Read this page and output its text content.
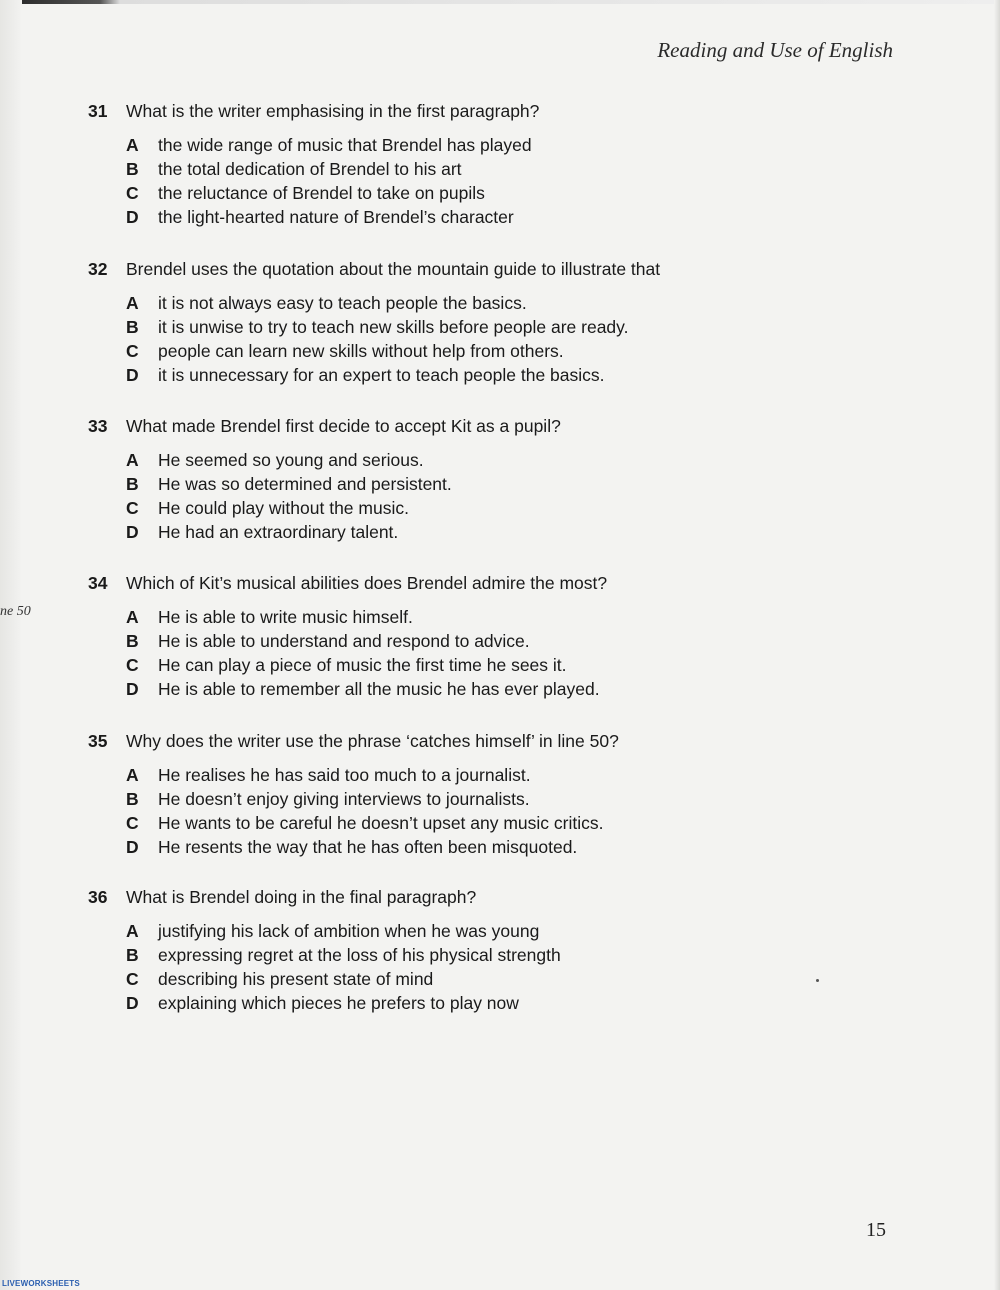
Reading and Use of English
ne 50
31	What is the writer emphasising in the first paragraph?
A	the wide range of music that Brendel has played
B	the total dedication of Brendel to his art
C	the reluctance of Brendel to take on pupils
D	the light-hearted nature of Brendel’s character
32	Brendel uses the quotation about the mountain guide to illustrate that
A	it is not always easy to teach people the basics.
B	it is unwise to try to teach new skills before people are ready.
C	people can learn new skills without help from others.
D	it is unnecessary for an expert to teach people the basics.
33	What made Brendel first decide to accept Kit as a pupil?
A	He seemed so young and serious.
B	He was so determined and persistent.
C	He could play without the music.
D	He had an extraordinary talent.
34	Which of Kit’s musical abilities does Brendel admire the most?
A	He is able to write music himself.
B	He is able to understand and respond to advice.
C	He can play a piece of music the first time he sees it.
D	He is able to remember all the music he has ever played.
35	Why does the writer use the phrase ‘catches himself’ in line 50?
A	He realises he has said too much to a journalist.
B	He doesn’t enjoy giving interviews to journalists.
C	He wants to be careful he doesn’t upset any music critics.
D	He resents the way that he has often been misquoted.
36	What is Brendel doing in the final paragraph?
A	justifying his lack of ambition when he was young
B	expressing regret at the loss of his physical strength
C	describing his present state of mind
D	explaining which pieces he prefers to play now
15
LIVEWORKSHEETS
